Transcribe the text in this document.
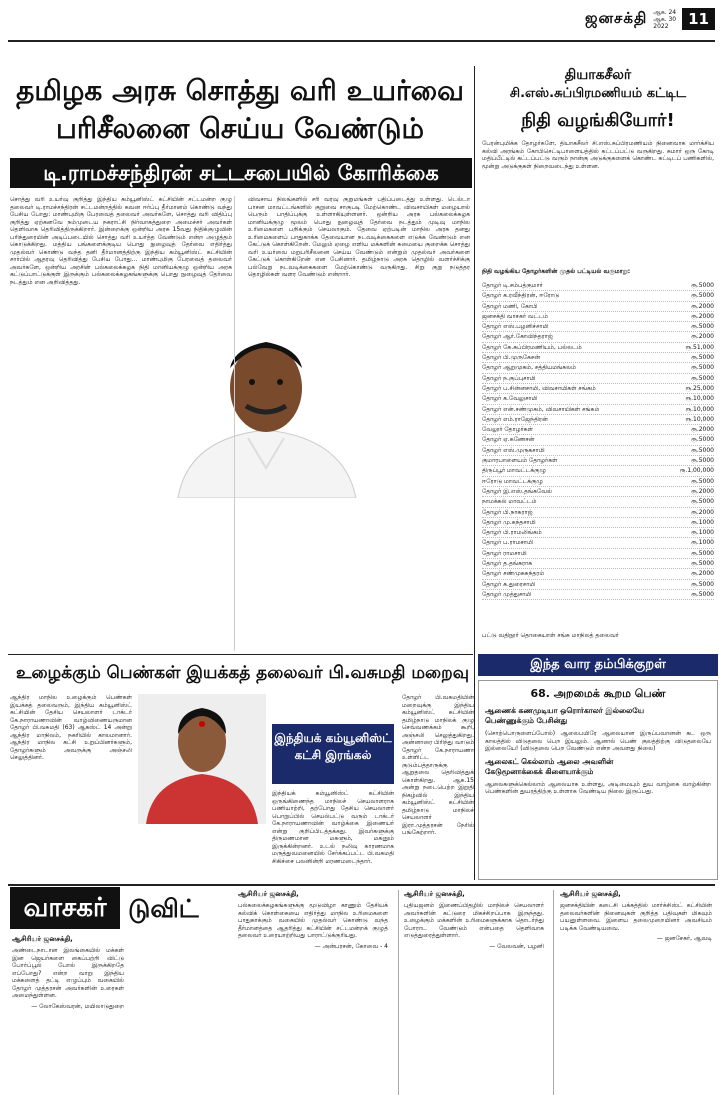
ஜனசக்தி ஆக. 24
ஆக. 30
2022	11
தமிழக அரசு சொத்து வரி உயர்வை
பரிசீலனை செய்ய வேண்டும்
டி.ராமச்சந்திரன் சட்டசபையில் கோரிக்கை
சொத்து வரி உயர்வு குறித்து இந்திய கம்யூனிஸ்ட் கட்சியின் சட்டமன்ற குழு தலைவர் டி.ராமச்சந்திரன் சட்டமன்றத்தில் கவன ஈர்ப்பு தீர்மானம் கொண்டு வந்து பேசிய போது: மாண்புமிகு பேரவைத் தலைவர் அவர்களே, சொத்து வரி விதிப்பு குறித்து ஏற்கனவே நம்முடைய நகராட்சி நிர்வாகத்துறை அமைச்சர் அவர்கள் தெளிவாக தெரிவித்திருக்கிறார். இன்றைக்கு ஒன்றிய அரசு 15வது நிதிக்குழுவின் பரிந்துரையின் அடிப்படையில் சொத்து வரி உயர்த்த வேண்டும் என்ற அழுத்தம் கொடுக்கிறது. மத்திய பங்களைக்குடிய பொது நுழைவுத் தேர்வை எதிர்த்து முதல்வர் கொண்டு வந்த தனி தீர்மானத்திற்கு இந்திய கம்யூனிஸ்ட் கட்சியின் சார்பில் ஆதரவு தெரிவித்து பேசிய போது... மாண்புமிகு பேரவைத் தலைவர் அவர்களே, ஒன்றிய அரசின் பல்கலைக்கழக நிதி மானியக்குழு ஒன்றிய அரசு கட்டுப்பாட்டுக்குள் இருக்கும் பல்கலைக்கழகங்களுக்கு பொது நுழைவுத் தேர்வை நடத்தும் என அறிவித்தது.
விவசாய நிலங்களில் சரி வரவு குறுமங்கள் பதிப்படைத்து உள்ளது. டெல்டா பாசன மாவட்டங்களில் குறுவை சாகுபடி மேற்கொண்ட விவசாயிகள் மழையால் பெரும் பாதிப்புக்கு உள்ளாகியுள்ளனர். ஒன்றிய அரசு பல்கலைக்கழக மானியக்குழு மூலம் பொது நுழைவுத் தேர்வை நடத்தும் முடிவு மாநில உரிமைகளை பறிக்கும் செயலாகும். தேவை ஏற்படின் மாநில அரசு தனது உரிமைகளைப் பாதுகாக்க தேவையான நடவடிக்கைகளை எடுக்க வேண்டும் என கேட்டுக் கொள்கிறேன். மேலும் ஏழை எளிய மக்களின் சுமையை குறைக்க சொத்து வரி உயர்வை மறுபரிசீலனை செய்ய வேண்டும் என்றும் முதல்வர் அவர்களை கேட்டுக் கொள்கிறேன் என பேசினார். தமிழ்நாடு அரசு தொழில் வளர்ச்சிக்கு பல்வேறு நடவடிக்கைகளை மேற்கொண்டு வருகிறது. சிறு குறு நடுத்தர தொழில்கள் வளர வேண்டும் என்றார்.
தியாகசீலர்
சி.எஸ்.சுப்பிரமணியம் கட்டிட
நிதி வழங்கியோர்!
பேரன்புமிக்க தோழர்களே, தியாகசீலர் சி.எஸ்.சுப்பிரமணியம் நினைவாக மார்க்சிய கல்வி அரங்கம் கோபிசெட்டிபாளையத்தில் கட்டப்பட்டு வருகிறது. சுமார் ஒரு கோடி மதிப்பீட்டில் கட்டப்பட்டு வரும் நான்கு அடுக்குகளைக் கொண்ட கட்டிடப் பணிகளில், மூன்று அடுக்குகள் நிறைவடைந்து உள்ளன.
நிதி வழங்கிய தோழர்களின் முதல் பட்டியல் வருமாறு:
தோழர் டி.சம்பத்குமார்	ரூ.5000
தோழர் க.ரவீந்திரன், ஈரோடு	ரூ.5000
தோழர் மணி, கோபி	ரூ.2000
ஜனசக்தி வாசகர் வட்டம்	ரூ.2000
தோழர் எஸ்.பழனிச்சாமி	ரூ.5000
தோழர் ஆர்.கோவிந்தராஜ்	ரூ.2000
தோழர் கே.சுப்பிரமணியம், பல்லடம்	ரூ.51,000
தோழர் பி.முருகேசன்	ரூ.5000
தோழர் ஆறுமுகம், சத்தியமங்கலம்	ரூ.5000
தோழர் ந.குப்புசாமி	ரூ.5000
தோழர் ப.சின்னசாமி, விவசாயிகள் சங்கம்	ரூ.25,000
தோழர் க.வேலுசாமி	ரூ.10,000
தோழர் என்.சண்முகம், விவசாயிகள் சங்கம்	ரூ.10,000
தோழர் எம்.ராஜேந்திரன்	ரூ.10,000
வேலூர் தோழர்கள்	ரூ.2000
தோழர் ஏ.கணேசன்	ரூ.5000
தோழர் எஸ்.முருகசாமி	ரூ.5000
குமாரபாளையம் தோழர்கள்	ரூ.5000
திருப்பூர் மாவட்டக்குழு	ரூ.1,00,000
ஈரோடு மாவட்டக்குழு	ரூ.5000
தோழர் இ.எஸ்.தங்கவேல்	ரூ.2000
நாமக்கல் மாவட்டம்	ரூ.5000
தோழர் பி.நாகராஜ்	ரூ.2000
தோழர் மு.கந்தசாமி	ரூ.1000
தோழர் பி.ராமலிங்கம்	ரூ.1000
தோழர் ப.ராமசாமி	ரூ.1000
தோழர் ராமசாமி	ரூ.5000
தோழர் த.தங்கராசு	ரூ.5000
தோழர் சண்முகசுந்தரம்	ரூ.2000
தோழர் க.துரைசாமி	ரூ.5000
தோழர் முத்துசாமி	ரூ.5000
பட்டு வதிநூர் தொகையாள் சங்க மாநிலத் தலைவர்
இந்த வார தம்பிக்குறள்
68. அறமைக் கூறம பெண்
ஆணைக் கணமுடியா ஒரொர்காலர் இல்லையே
பெண்ணுக்கும் பேசின்து
(சொற்பொருளைப்போல்) ஆலைபயிரே ஆலையான இருப்பவானன் கட ஒரு காலத்தில் விடுதலை பெற இயலும். ஆனால் பெண் குலத்திற்கு விடுதலையே இல்லையே! (விடுதலை பெற வேண்டும் என்ற அவளது நிலை)
ஆலைகட் கெல்லாம் ஆலை அவளின்
கேடுமூனாக்கைக் கிளையாக்கும்
ஆலைகளுக்கெல்லாம் ஆலையாக உள்ளது, அடிமையும் துய வாழ்கை வாழ்கின்ற பெண்களின் துயரத்திற்கு உள்ளாக வேண்டிய நிலை இருப்பது.
உழைக்கும் பெண்கள் இயக்கத் தலைவர் பி.வசுமதி மறைவு
ஆந்திர மாநில உழைக்கும் பெண்கள் இயக்கத் தலைவரும், இந்திய கம்யூனிஸ்ட் கட்சியின் தேசிய செயலாளர் டாக்டர் கே.நாராயணாவின் வாழ்விணையருமான தோழர் பி.வசுமதி (63) ஆகஸ்ட் 14 அன்று ஆந்திர மாநிலம், நகரியில் காலமானார். ஆந்திர மாநில கட்சி உறுப்பினர்களும், தோழர்களும் அவருக்கு அஞ்சலி செலுத்தினர்.
இந்தியக் கம்யூனிஸ்ட்
கட்சி இரங்கல்
இந்தியக் கம்யூனிஸ்ட் கட்சியின் ஒருங்கிணைந்த மாநிலச் செயலாளராக பணியாற்றி, தற்போது தேசிய செயலாளர் பொறுப்பில் செயல்பட்டு வரும் டாக்டர் கே.நாராயணாவின் வாழ்க்கை இணையர் என்று குறிப்பிடத்தக்கது. இவர்களுக்கு திருமணமான மகளும், மகனும் இருக்கின்றனர். உடல் நலிவு காரணமாக மருத்துவமனையில் சேர்க்கப்பட்ட பி.வசுமதி சிகிச்சை பலனின்றி மரணமடைந்தார்.
தோழர் பி.வசுமதியின் மறைவுக்கு இந்திய கம்யூனிஸ்ட் கட்சியின் தமிழ்நாடு மாநிலக் குழு செவ்வணக்கம் கூறி, அஞ்சலி செலுத்துகிறது. அன்னாரை பிரிந்து வாடும் தோழர் கே.நாராயணா உள்ளிட்ட குடும்பத்தாருக்கு ஆறுதலை தெரிவித்துக் கொள்கிறது. ஆக.15 அன்று நடைபெற்ற இறுதி நிகழ்வில் இந்திய கம்யூனிஸ்ட் கட்சியின் தமிழ்நாடு மாநிலச் செயலாளர் இரா.முத்தரசன் நேரில் பங்கேற்றார்.
வாசகர் டுவிட்
ஆசிரியர் ஜனசக்தி,
அண்டைநாடான இலங்கையில் மக்கள் இன ஜெயர்களை கைப்பற்றி விட்டு போர்ப்பூல் போல் இருக்கிறதே எப்போது? என்ற வாறு இந்திய மக்களைத் தட்டி எழுப்பும் வகையில் தோழர் முத்தரசன் அவர்களின் உரைகள் அமைந்துள்ளன.
— லோகேஸ்வரன், மயிலாடுதுறை
ஆசிரியர் ஜனசக்தி,
பல்கலைக்கழகங்களுக்கு மூடுவிழா காணும் தேசியக் கல்விக் கொள்கையை எதிர்த்து மாநில உரிமைகளை பாதுகாக்கும் வகையில் முதல்வர் கொண்டு வந்த தீர்மானத்தை ஆதரித்து கட்சியின் சட்டமன்றக் குழுத் தலைவர் உரையாற்றியது பாராட்டுக்குரியது.
— அன்பரசன், கோவை - 4
ஆசிரியர் ஜனசக்தி,
புதியஜனம் இணைப்பிதழில் மாநிலச் செயலாளர் அவர்களின் கட்டுரை மிகச்சிறப்பாக இருந்தது. உழைக்கும் மக்களின் உரிமைகளுக்காக தொடர்ந்து போராட வேண்டும் என்பதை தெளிவாக எடுத்துரைத்துள்ளார்.
— வேலவன், பழனி
ஆசிரியர் ஜனசக்தி,
ஜனசக்தியின் கடைசி பக்கத்தில் மார்க்சிஸ்ட் கட்சியின் தலைவர்களின் நினைவுகள் குறித்த பதிவுகள் மிகவும் பயனுள்ளவை. இளைய தலைமுறையினர் அவசியம் படிக்க வேண்டியவை.
— ஜனசேகர், ஆவடி
